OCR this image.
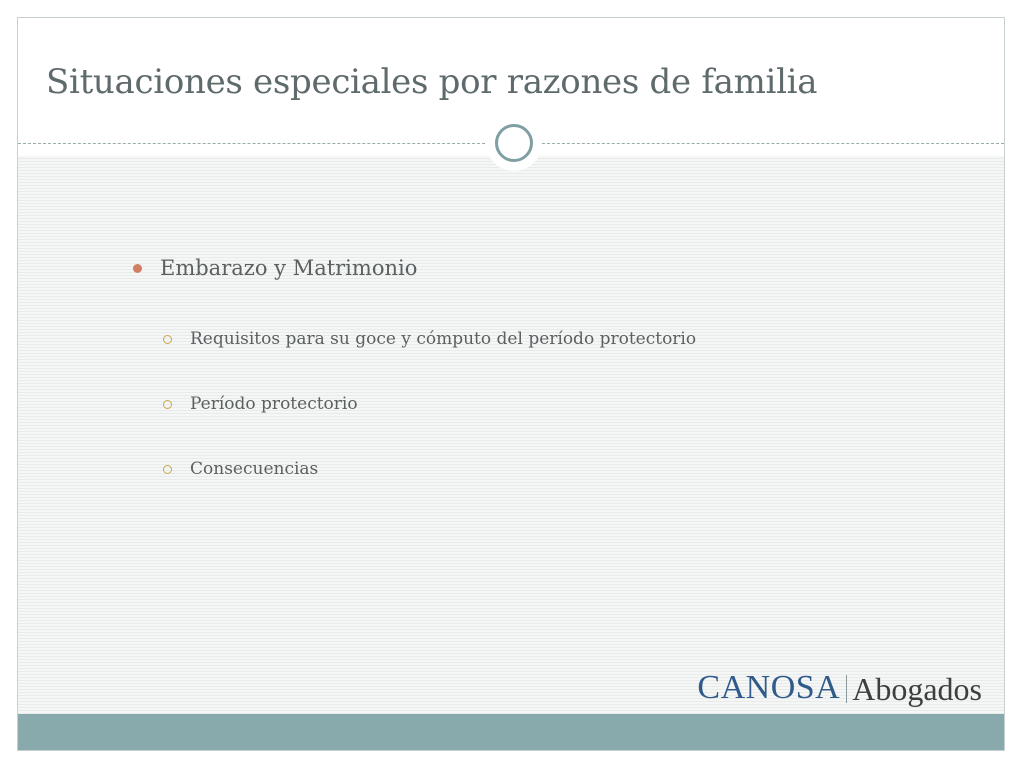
Situaciones especiales por razones de familia
Embarazo y Matrimonio
Requisitos para su goce y cómputo del período protectorio
Período protectorio
Consecuencias
CANOSA Abogados
